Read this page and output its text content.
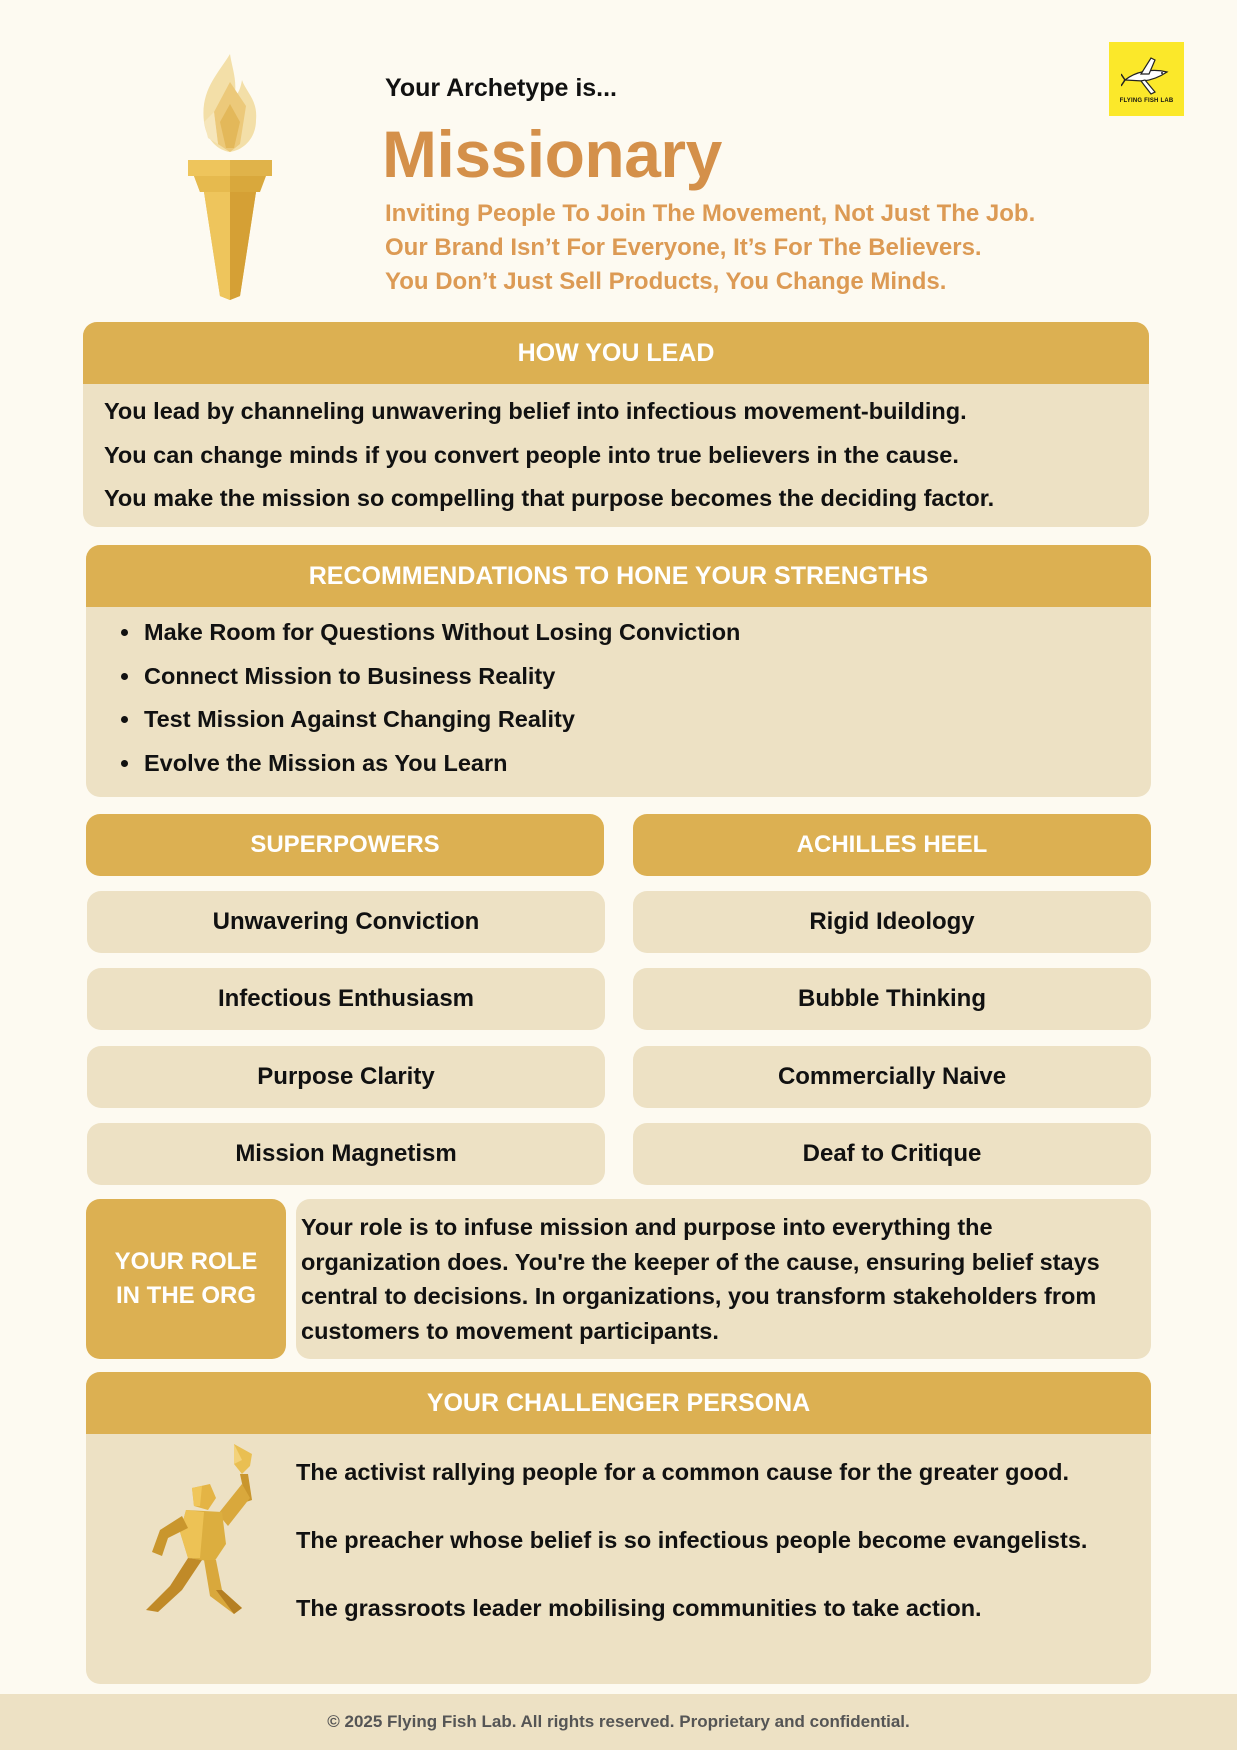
FLYING FISH LAB
Your Archetype is...
Missionary
Inviting People To Join The Movement, Not Just The Job.
Our Brand Isn’t For Everyone, It’s For The Believers.
You Don’t Just Sell Products, You Change Minds.
HOW YOU LEAD
You lead by channeling unwavering belief into infectious movement-building.
You can change minds if you convert people into true believers in the cause.
You make the mission so compelling that purpose becomes the deciding factor.
RECOMMENDATIONS TO HONE YOUR STRENGTHS
• Make Room for Questions Without Losing Conviction
• Connect Mission to Business Reality
• Test Mission Against Changing Reality
• Evolve the Mission as You Learn
SUPERPOWERS	ACHILLES HEEL
Unwavering Conviction
Infectious Enthusiasm
Purpose Clarity
Mission Magnetism
Rigid Ideology
Bubble Thinking
Commercially Naive
Deaf to Critique
YOUR ROLE
IN THE ORG
Your role is to infuse mission and purpose into everything the organization does. You're the keeper of the cause, ensuring belief stays central to decisions. In organizations, you transform stakeholders from customers to movement participants.
YOUR CHALLENGER PERSONA
The activist rallying people for a common cause for the greater good.
The preacher whose belief is so infectious people become evangelists.
The grassroots leader mobilising communities to take action.
© 2025 Flying Fish Lab. All rights reserved. Proprietary and confidential.
